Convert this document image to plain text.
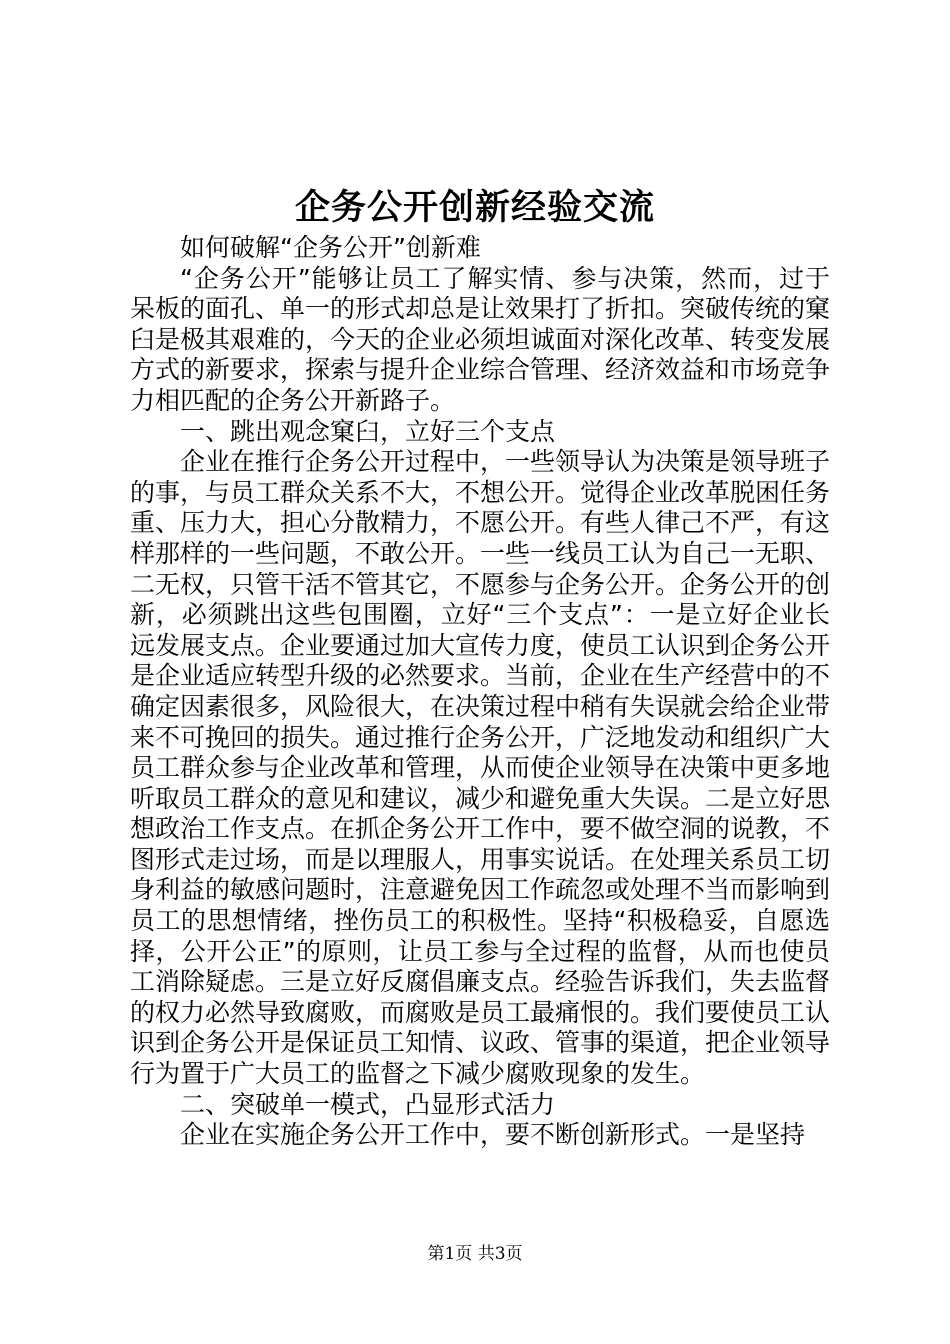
企务公开创新经验交流

如何破解“企务公开”创新难

“企务公开”能够让员工了解实情、参与决策，然而，过于呆板的面孔、单一的形式却总是让效果打了折扣。突破传统的窠臼是极其艰难的，今天的企业必须坦诚面对深化改革、转变发展方式的新要求，探索与提升企业综合管理、经济效益和市场竞争力相匹配的企务公开新路子。

一、跳出观念窠臼，立好三个支点

企业在推行企务公开过程中，一些领导认为决策是领导班子的事，与员工群众关系不大，不想公开。觉得企业改革脱困任务重、压力大，担心分散精力，不愿公开。有些人律己不严，有这样那样的一些问题，不敢公开。一些一线员工认为自己一无职、二无权，只管干活不管其它，不愿参与企务公开。企务公开的创新，必须跳出这些包围圈，立好“三个支点”：一是立好企业长远发展支点。企业要通过加大宣传力度，使员工认识到企务公开是企业适应转型升级的必然要求。当前，企业在生产经营中的不确定因素很多，风险很大，在决策过程中稍有失误就会给企业带来不可挽回的损失。通过推行企务公开，广泛地发动和组织广大员工群众参与企业改革和管理，从而使企业领导在决策中更多地听取员工群众的意见和建议，减少和避免重大失误。二是立好思想政治工作支点。在抓企务公开工作中，要不做空洞的说教，不图形式走过场，而是以理服人，用事实说话。在处理关系员工切身利益的敏感问题时，注意避免因工作疏忽或处理不当而影响到员工的思想情绪，挫伤员工的积极性。坚持“积极稳妥，自愿选择，公开公正”的原则，让员工参与全过程的监督，从而也使员工消除疑虑。三是立好反腐倡廉支点。经验告诉我们，失去监督的权力必然导致腐败，而腐败是员工最痛恨的。我们要使员工认识到企务公开是保证员工知情、议政、管事的渠道，把企业领导行为置于广大员工的监督之下减少腐败现象的发生。

二、突破单一模式，凸显形式活力

企业在实施企务公开工作中，要不断创新形式。一是坚持

第1页 共3页
